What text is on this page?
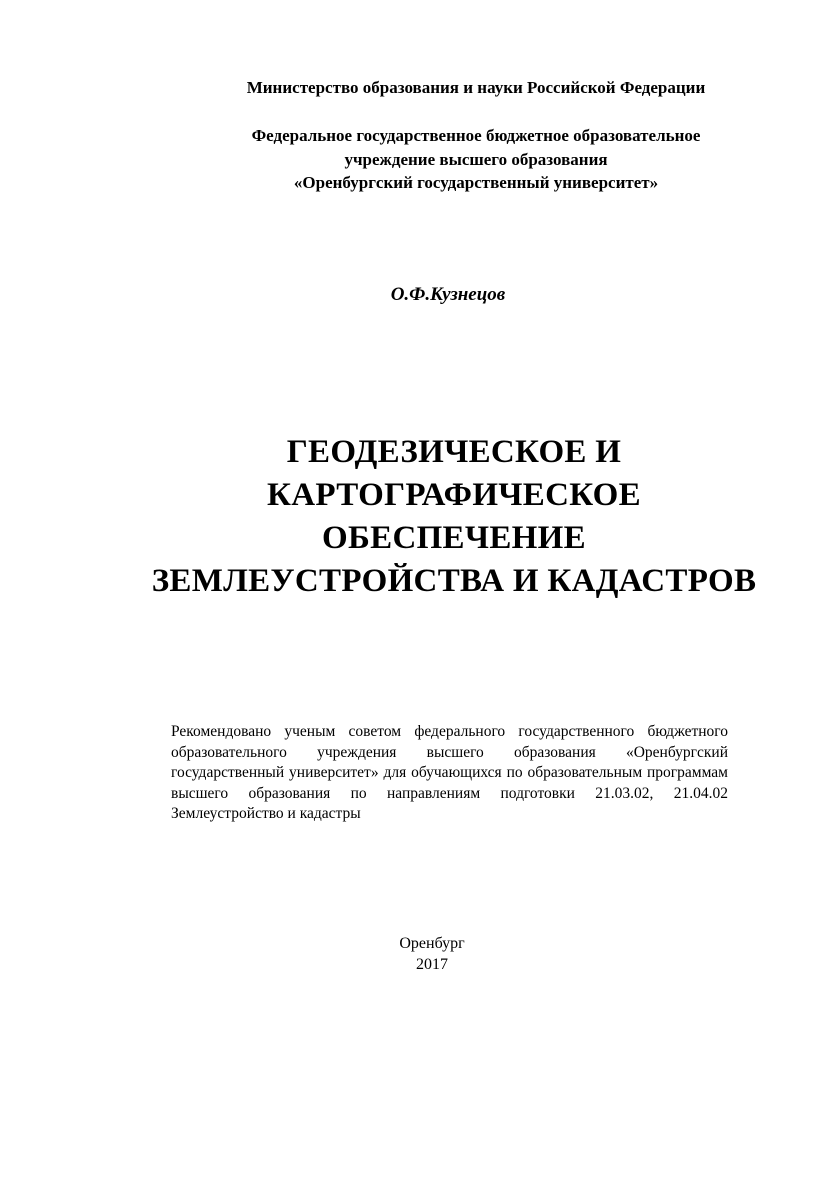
Министерство образования и науки Российской Федерации
Федеральное государственное бюджетное образовательное
учреждение высшего образования
«Оренбургский государственный университет»
О.Ф.Кузнецов
ГЕОДЕЗИЧЕСКОЕ И
КАРТОГРАФИЧЕСКОЕ
ОБЕСПЕЧЕНИЕ
ЗЕМЛЕУСТРОЙСТВА И КАДАСТРОВ
Рекомендовано ученым советом федерального государственного бюджетного образовательного учреждения высшего образования «Оренбургский государственный университет» для обучающихся по образовательным программам высшего образования по направлениям подготовки 21.03.02, 21.04.02 Землеустройство и кадастры
Оренбург
2017
